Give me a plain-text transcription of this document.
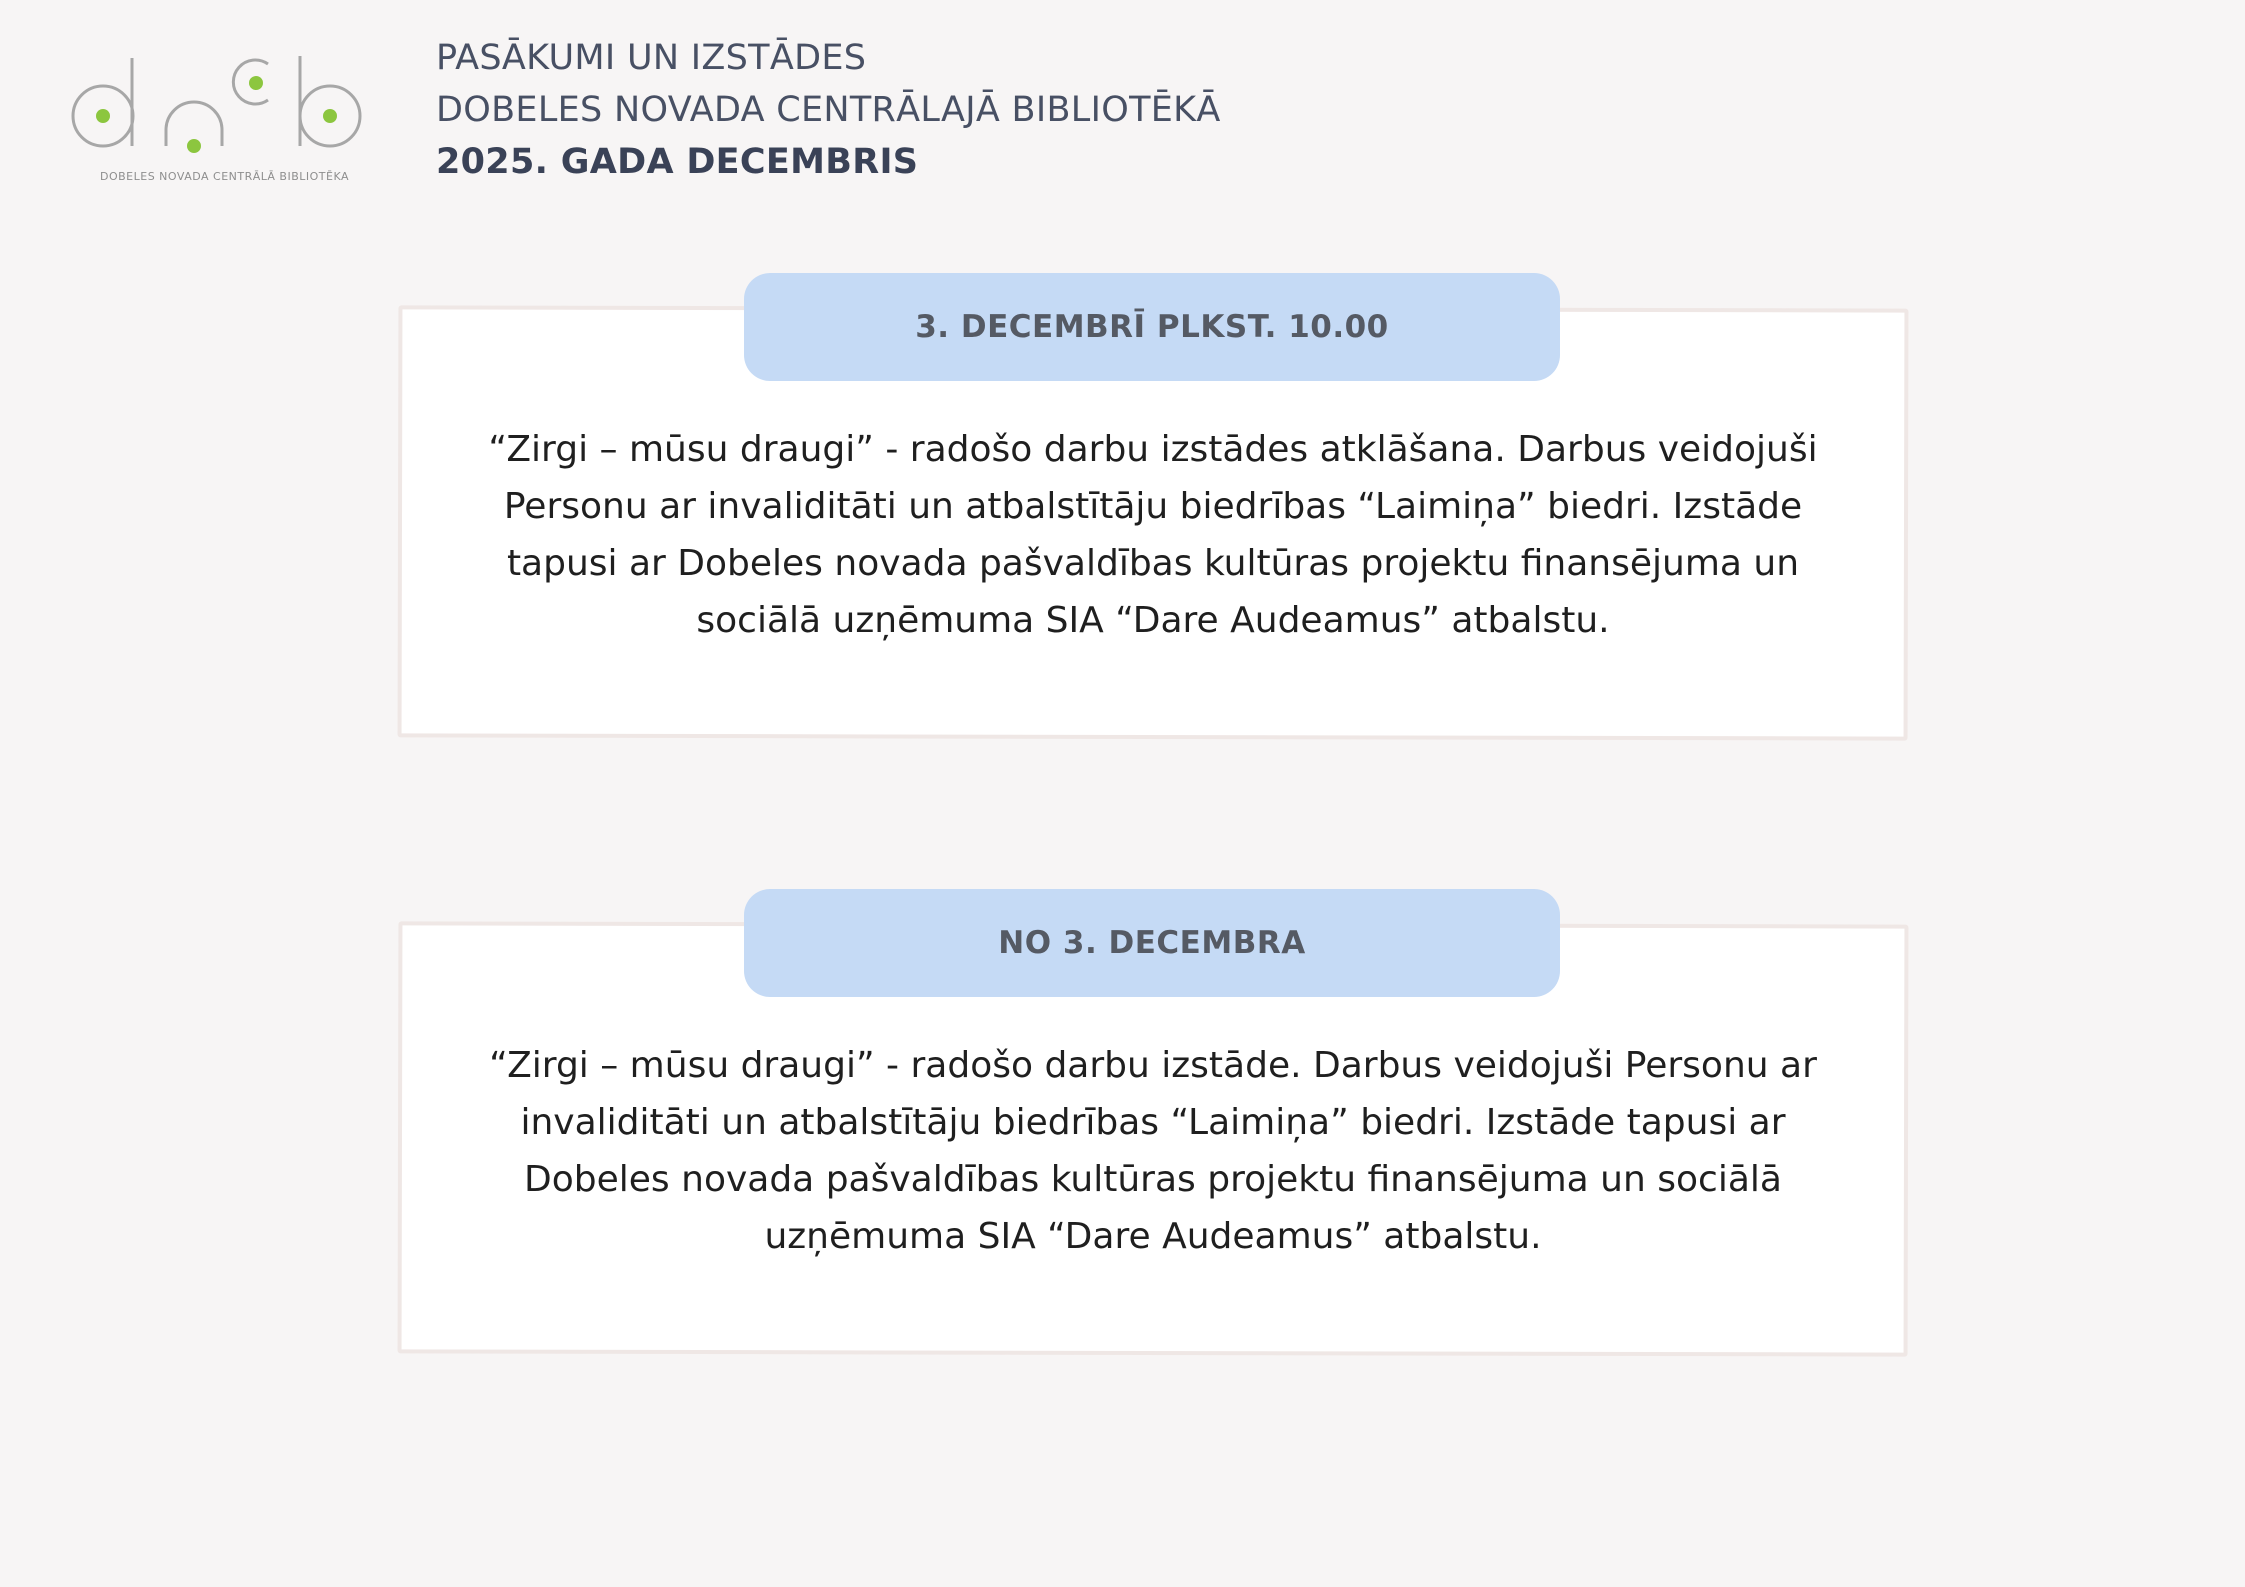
DOBELES NOVADA CENTRĀLĀ BIBLIOTĒKA
PASĀKUMI UN IZSTĀDES
DOBELES NOVADA CENTRĀLAJĀ BIBLIOTĒKĀ
2025. GADA DECEMBRIS
3. DECEMBRĪ PLKST. 10.00
“Zirgi – mūsu draugi” - radošo darbu izstādes atklāšana. Darbus veidojuši Personu ar invaliditāti un atbalstītāju biedrības “Laimiņa” biedri. Izstāde tapusi ar Dobeles novada pašvaldības kultūras projektu finansējuma un sociālā uzņēmuma SIA “Dare Audeamus” atbalstu.
NO 3. DECEMBRA
“Zirgi – mūsu draugi” - radošo darbu izstāde. Darbus veidojuši Personu ar invaliditāti un atbalstītāju biedrības “Laimiņa” biedri. Izstāde tapusi ar Dobeles novada pašvaldības kultūras projektu finansējuma un sociālā uzņēmuma SIA “Dare Audeamus” atbalstu.
